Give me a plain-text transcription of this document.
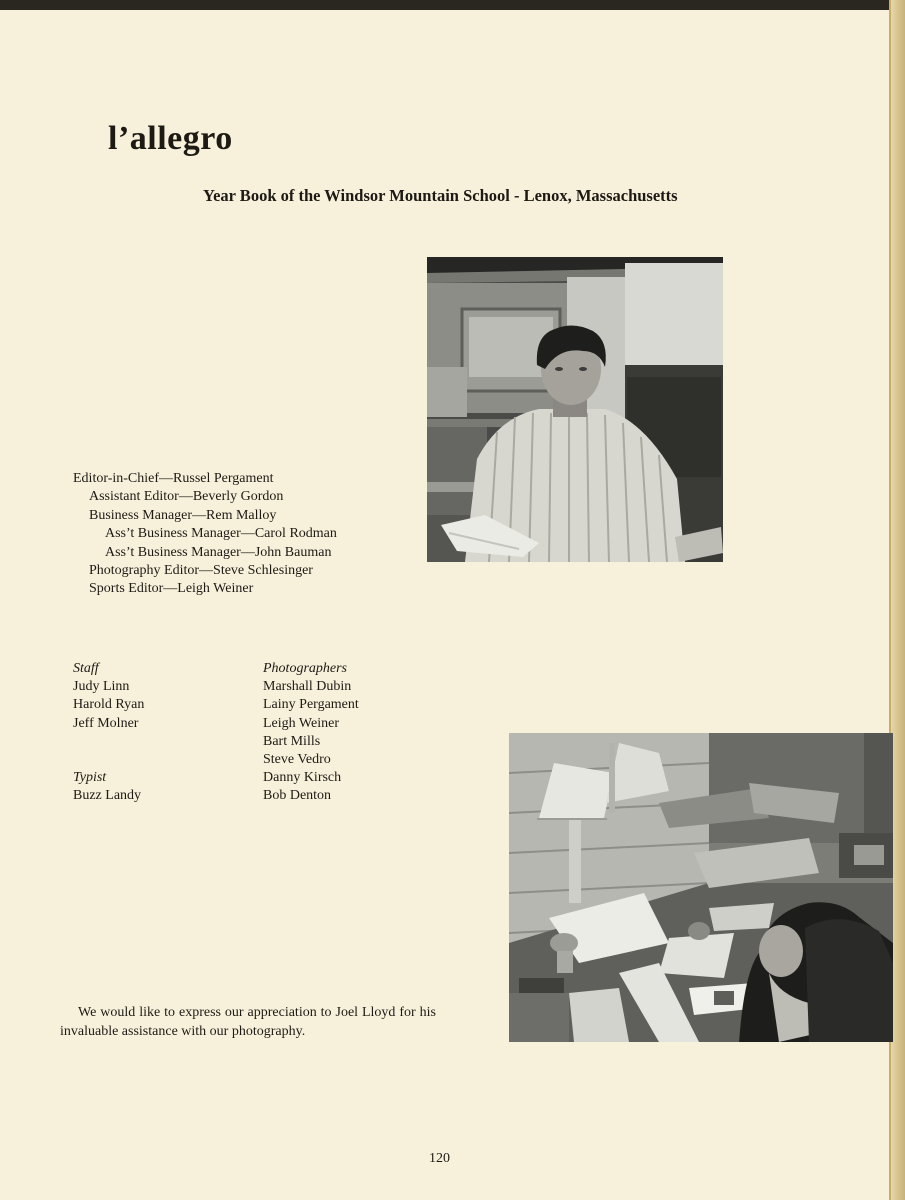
l’allegro
Year Book of the Windsor Mountain School - Lenox, Massachusetts
Editor-in-Chief—Russel Pergament
Assistant Editor—Beverly Gordon
Business Manager—Rem Malloy
Ass’t Business Manager—Carol Rodman
Ass’t Business Manager—John Bauman
Photography Editor—Steve Schlesinger
Sports Editor—Leigh Weiner
Staff
Judy Linn
Harold Ryan
Jeff Molner
Typist
Buzz Landy
Photographers
Marshall Dubin
Lainy Pergament
Leigh Weiner
Bart Mills
Steve Vedro
Danny Kirsch
Bob Denton

We would like to express our appreciation to Joel Lloyd for his invaluable assistance with our photography.

120
